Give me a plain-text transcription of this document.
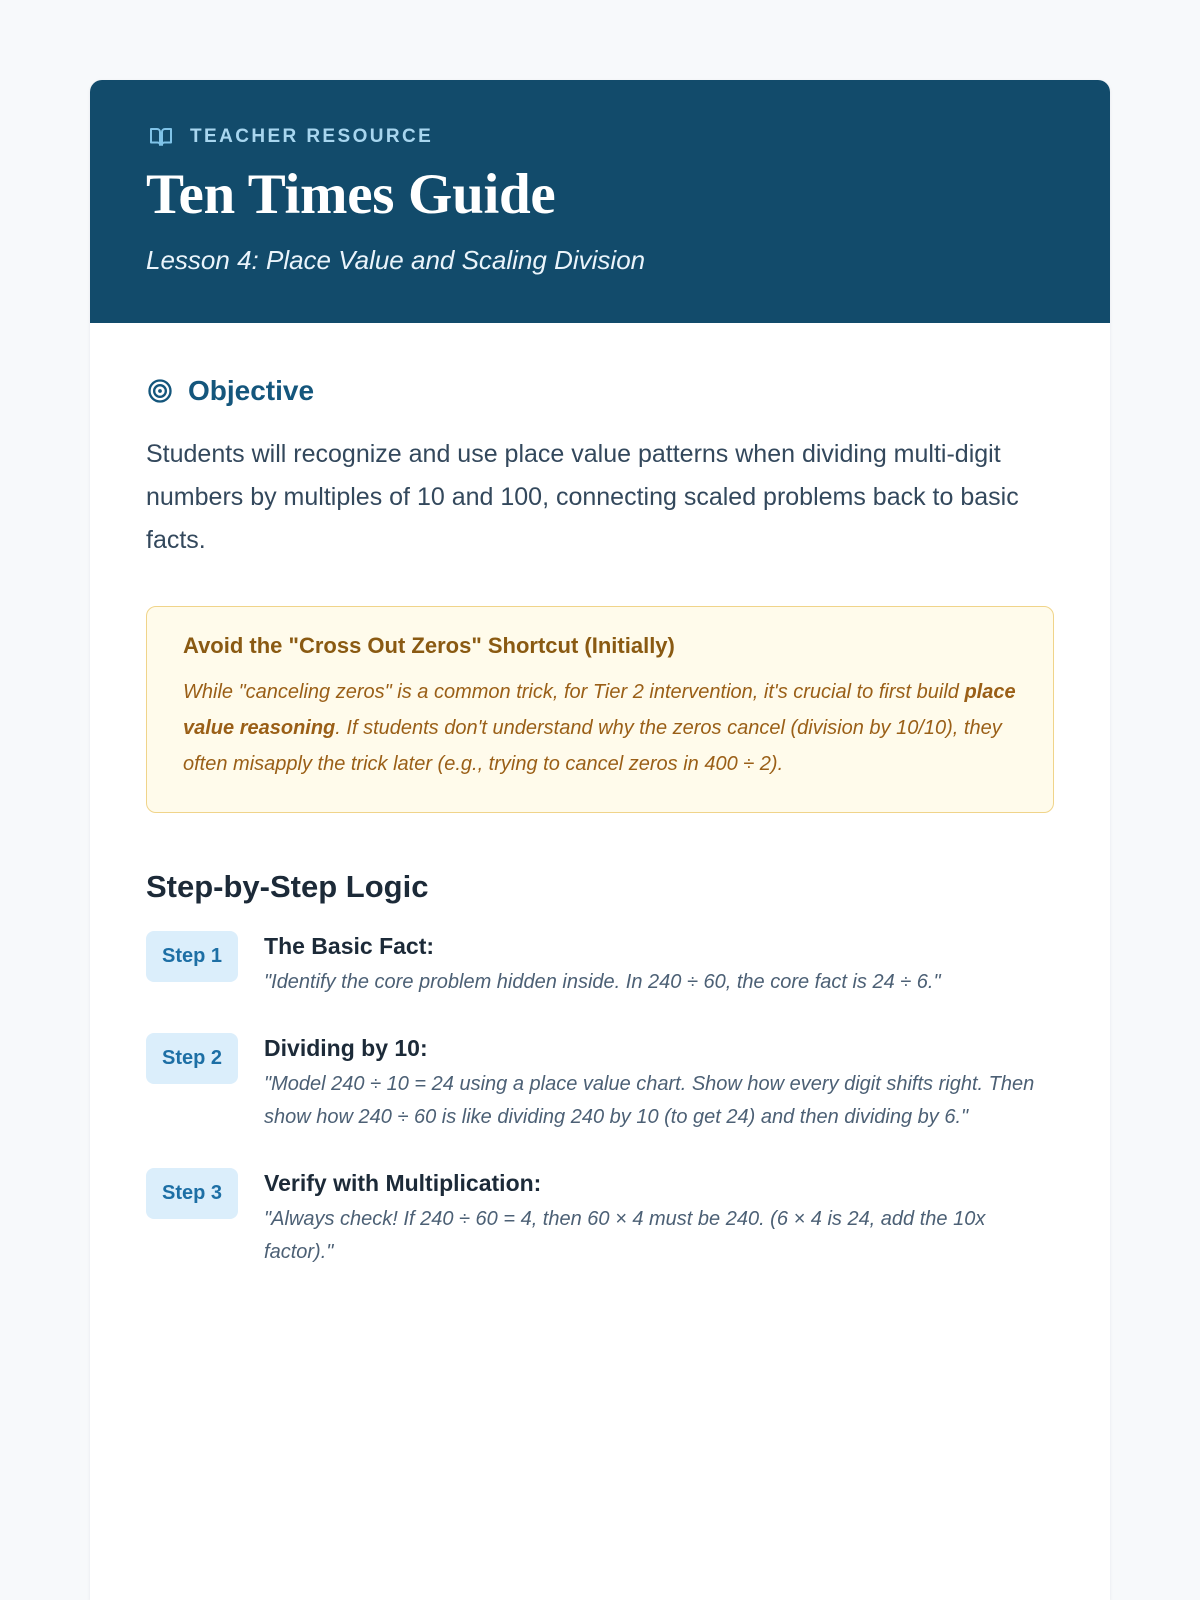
TEACHER RESOURCE
Ten Times Guide
Lesson 4: Place Value and Scaling Division
Objective

Students will recognize and use place value patterns when dividing multi-digit numbers by multiples of 10 and 100, connecting scaled problems back to basic facts.

Avoid the "Cross Out Zeros" Shortcut (Initially)

While "canceling zeros" is a common trick, for Tier 2 intervention, it's crucial to first build place value reasoning. If students don't understand why the zeros cancel (division by 10/10), they often misapply the trick later (e.g., trying to cancel zeros in 400 ÷ 2).

Step-by-Step Logic
Step 1	The Basic Fact:
"Identify the core problem hidden inside. In 240 ÷ 60, the core fact is 24 ÷ 6."
Step 2	Dividing by 10:
"Model 240 ÷ 10 = 24 using a place value chart. Show how every digit shifts right. Then show how 240 ÷ 60 is like dividing 240 by 10 (to get 24) and then dividing by 6."
Step 3	Verify with Multiplication:
"Always check! If 240 ÷ 60 = 4, then 60 × 4 must be 240. (6 × 4 is 24, add the 10x factor)."
